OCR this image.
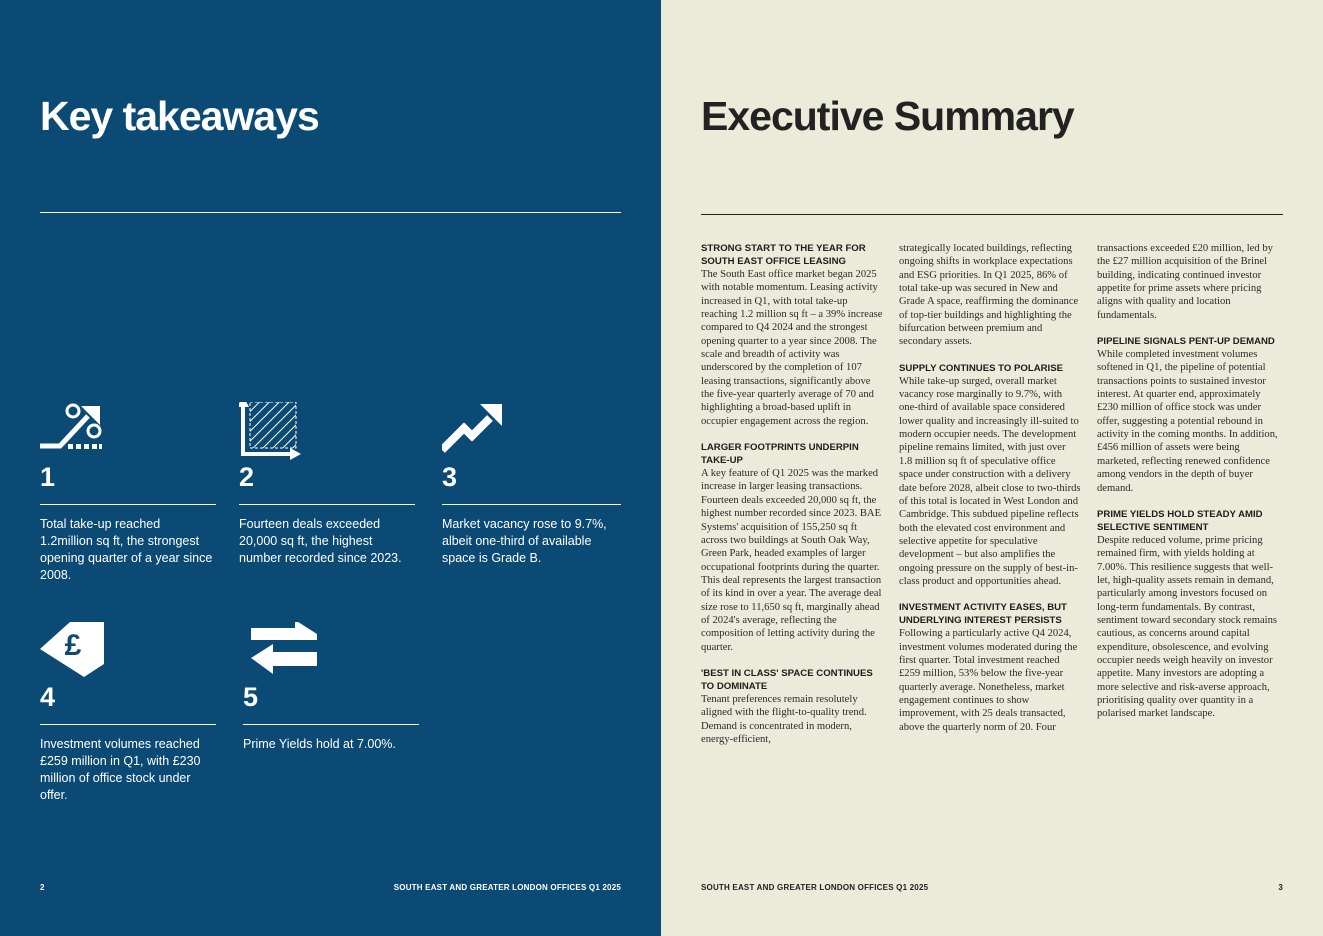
Key takeaways
1
Total take-up reached 1.2million sq ft, the strongest opening quarter of a year since 2008.
2
Fourteen deals exceeded 20,000 sq ft, the highest number recorded since 2023.
3
Market vacancy rose to 9.7%, albeit one-third of available space is Grade B.
£
4
Investment volumes reached £259 million in Q1, with £230 million of office stock under offer.
5
Prime Yields hold at 7.00%.
2	SOUTH EAST AND GREATER LONDON OFFICES Q1 2025
Executive Summary
STRONG START TO THE YEAR FOR SOUTH EAST OFFICE LEASING

The South East office market began 2025 with notable momentum. Leasing activity increased in Q1, with total take-up reaching 1.2 million sq ft – a 39% increase compared to Q4 2024 and the strongest opening quarter to a year since 2008. The scale and breadth of activity was underscored by the completion of 107 leasing transactions, significantly above the five-year quarterly average of 70 and highlighting a broad-based uplift in occupier engagement across the region.

LARGER FOOTPRINTS UNDERPIN TAKE-UP

A key feature of Q1 2025 was the marked increase in larger leasing transactions. Fourteen deals exceeded 20,000 sq ft, the highest number recorded since 2023. BAE Systems' acquisition of 155,250 sq ft across two buildings at South Oak Way, Green Park, headed examples of larger occupational footprints during the quarter. This deal represents the largest transaction of its kind in over a year. The average deal size rose to 11,650 sq ft, marginally ahead of 2024's average, reflecting the composition of letting activity during the quarter.

'BEST IN CLASS' SPACE CONTINUES TO DOMINATE

Tenant preferences remain resolutely aligned with the flight-to-quality trend. Demand is concentrated in modern, energy-efficient,

strategically located buildings, reflecting ongoing shifts in workplace expectations and ESG priorities. In Q1 2025, 86% of total take-up was secured in New and Grade A space, reaffirming the dominance of top-tier buildings and highlighting the bifurcation between premium and secondary assets.

SUPPLY CONTINUES TO POLARISE

While take-up surged, overall market vacancy rose marginally to 9.7%, with one-third of available space considered lower quality and increasingly ill-suited to modern occupier needs. The development pipeline remains limited, with just over 1.8 million sq ft of speculative office space under construction with a delivery date before 2028, albeit close to two-thirds of this total is located in West London and Cambridge. This subdued pipeline reflects both the elevated cost environment and selective appetite for speculative development – but also amplifies the ongoing pressure on the supply of best-in-class product and opportunities ahead.

INVESTMENT ACTIVITY EASES, BUT UNDERLYING INTEREST PERSISTS

Following a particularly active Q4 2024, investment volumes moderated during the first quarter. Total investment reached £259 million, 53% below the five-year quarterly average. Nonetheless, market engagement continues to show improvement, with 25 deals transacted, above the quarterly norm of 20. Four

transactions exceeded £20 million, led by the £27 million acquisition of the Brinel building, indicating continued investor appetite for prime assets where pricing aligns with quality and location fundamentals.

PIPELINE SIGNALS PENT-UP DEMAND

While completed investment volumes softened in Q1, the pipeline of potential transactions points to sustained investor interest. At quarter end, approximately £230 million of office stock was under offer, suggesting a potential rebound in activity in the coming months. In addition, £456 million of assets were being marketed, reflecting renewed confidence among vendors in the depth of buyer demand.

PRIME YIELDS HOLD STEADY AMID SELECTIVE SENTIMENT

Despite reduced volume, prime pricing remained firm, with yields holding at 7.00%. This resilience suggests that well-let, high-quality assets remain in demand, particularly among investors focused on long-term fundamentals. By contrast, sentiment toward secondary stock remains cautious, as concerns around capital expenditure, obsolescence, and evolving occupier needs weigh heavily on investor appetite. Many investors are adopting a more selective and risk-averse approach, prioritising quality over quantity in a polarised market landscape.

SOUTH EAST AND GREATER LONDON OFFICES Q1 2025	3
